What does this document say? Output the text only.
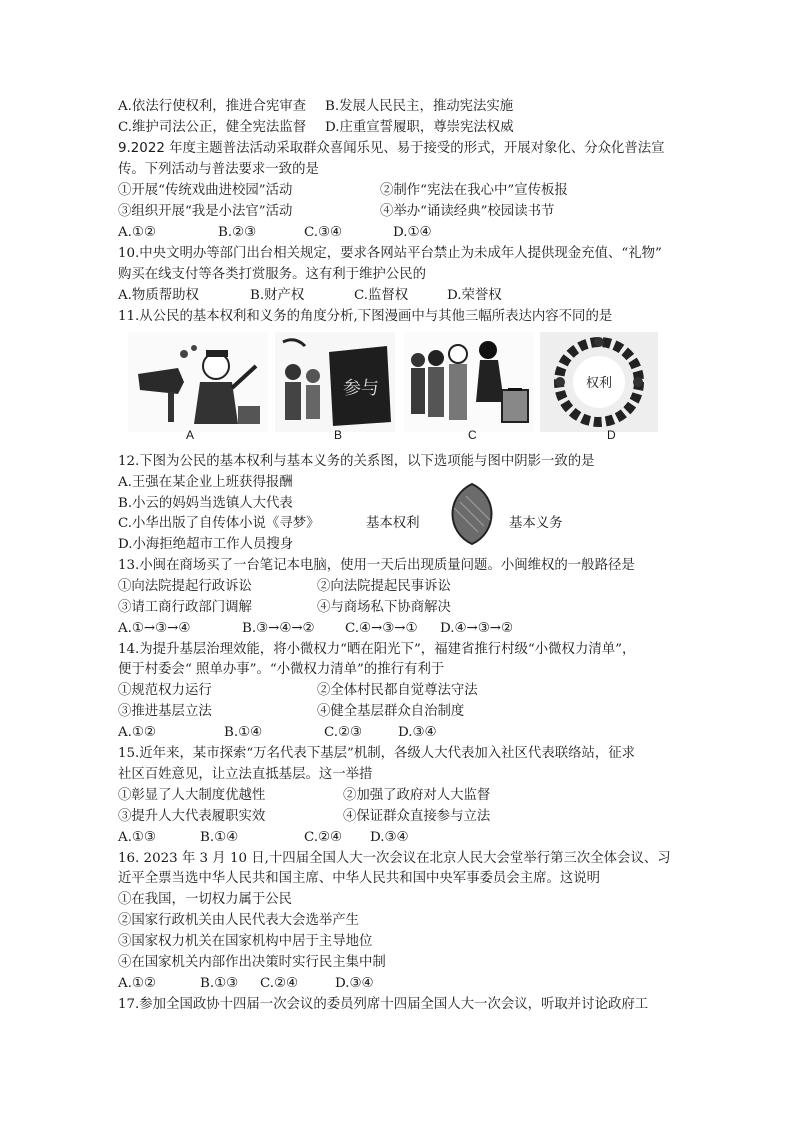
A.依法行使权利，推进合宪审查 B.发展人民民主，推动宪法实施
C.维护司法公正，健全宪法监督 D.庄重宣誓履职，尊崇宪法权威
9.2022 年度主题普法活动采取群众喜闻乐见、易于接受的形式，开展对象化、分众化普法宣
传。下列活动与普法要求一致的是
①开展“传统戏曲进校园”活动	②制作“宪法在我心中”宣传板报
③组织开展“我是小法官”活动	④举办“诵读经典”校园读书节
A.①②	B.②③	C.③④	D.①④
10.中央文明办等部门出台相关规定，要求各网站平台禁止为未成年人提供现金充值、“礼物”
购买在线支付等各类打赏服务。这有利于维护公民的
A.物质帮助权	B.财产权	C.监督权	D.荣誉权
11.从公民的基本权利和义务的角度分析,下图漫画中与其他三幅所表达内容不同的是
A
参与
B	C
权利
D
12.下图为公民的基本权利与基本义务的关系图，以下选项能与图中阴影一致的是
A.王强在某企业上班获得报酬
B.小云的妈妈当选镇人大代表
C.小华出版了自传体小说《寻梦》
D.小海拒绝超市工作人员搜身
基本权利	基本义务
13.小闽在商场买了一台笔记本电脑，使用一天后出现质量问题。小闽维权的一般路径是
①向法院提起行政诉讼	②向法院提起民事诉讼
③请工商行政部门调解	④与商场私下协商解决
A.①→③→④	B.③→④→② C.④→③→① D.④→③→②
14.为提升基层治理效能，将小微权力“晒在阳光下”，福建省推行村级“小微权力清单”，
便于村委会“ 照单办事”。“小微权力清单”的推行有利于
①规范权力运行	②全体村民都自觉尊法守法
③推进基层立法	④健全基层群众自治制度
A.①②	B.①④	C.②③	D.③④
15.近年来，某市探索“万名代表下基层”机制，各级人大代表加入社区代表联络站，征求
社区百姓意见，让立法直抵基层。这一举措
①彰显了人大制度优越性	②加强了政府对人大监督
③提升人大代表履职实效	④保证群众直接参与立法
A.①③	B.①④	C.②④ D.③④
16. 2023 年 3 月 10 日,十四届全国人大一次会议在北京人民大会堂举行第三次全体会议、习
近平全票当选中华人民共和国主席、中华人民共和国中央军事委员会主席。这说明
①在我国，一切权力属于公民
②国家行政机关由人民代表大会选举产生
③国家权力机关在国家机构中居于主导地位
④在国家机关内部作出决策时实行民主集中制
A.①②	B.①③ C.②④	D.③④
17.参加全国政协十四届一次会议的委员列席十四届全国人大一次会议，听取并讨论政府工
